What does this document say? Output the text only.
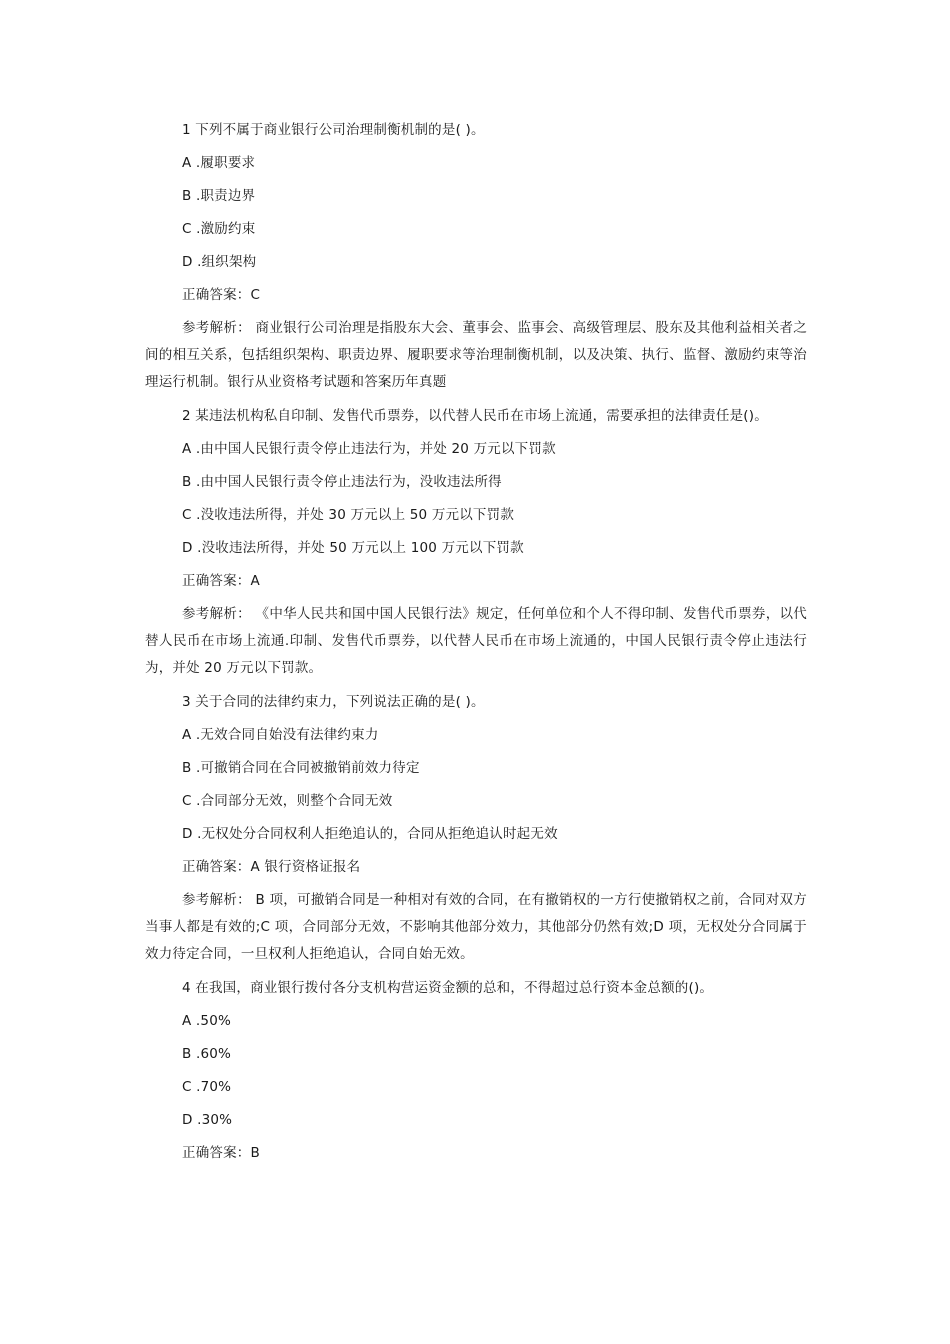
1 下列不属于商业银行公司治理制衡机制的是( )。
A .履职要求
B .职责边界
C .激励约束
D .组织架构
正确答案：C
参考解析： 商业银行公司治理是指股东大会、董事会、监事会、高级管理层、股东及其他利益相关者之间的相互关系，包括组织架构、职责边界、履职要求等治理制衡机制，以及决策、执行、监督、激励约束等治理运行机制。银行从业资格考试题和答案历年真题
2 某违法机构私自印制、发售代币票券，以代替人民币在市场上流通，需要承担的法律责任是()。
A .由中国人民银行责令停止违法行为，并处 20 万元以下罚款
B .由中国人民银行责令停止违法行为，没收违法所得
C .没收违法所得，并处 30 万元以上 50 万元以下罚款
D .没收违法所得，并处 50 万元以上 100 万元以下罚款
正确答案：A
参考解析： 《中华人民共和国中国人民银行法》规定，任何单位和个人不得印制、发售代币票券，以代替人民币在市场上流通.印制、发售代币票券，以代替人民币在市场上流通的，中国人民银行责令停止违法行为，并处 20 万元以下罚款。
3 关于合同的法律约束力，下列说法正确的是( )。
A .无效合同自始没有法律约束力
B .可撤销合同在合同被撤销前效力待定
C .合同部分无效，则整个合同无效
D .无权处分合同权利人拒绝追认的，合同从拒绝追认时起无效
正确答案：A 银行资格证报名
参考解析： B 项，可撤销合同是一种相对有效的合同，在有撤销权的一方行使撤销权之前，合同对双方当事人都是有效的;C 项，合同部分无效，不影响其他部分效力，其他部分仍然有效;D 项，无权处分合同属于效力待定合同，一旦权利人拒绝追认，合同自始无效。
4 在我国，商业银行拨付各分支机构营运资金额的总和，不得超过总行资本金总额的()。
A .50%
B .60%
C .70%
D .30%
正确答案：B
